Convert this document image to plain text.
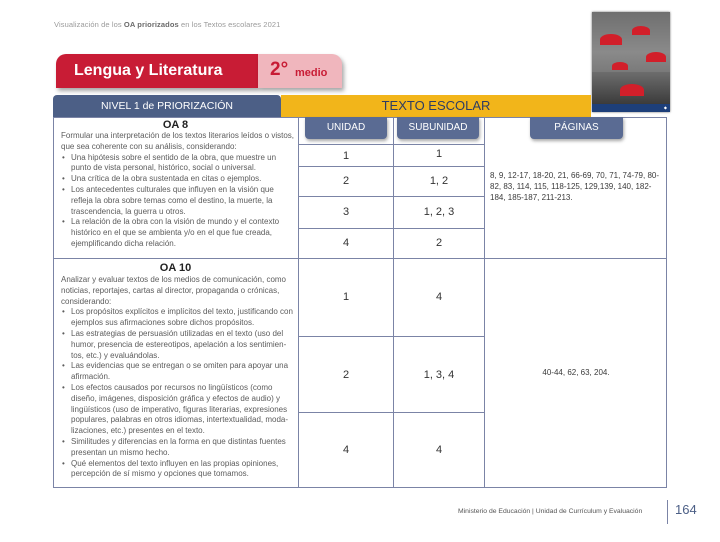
Visualización de los OA priorizados en los Textos escolares 2021
◆
Lengua y Literatura	2° medio
NIVEL 1 de PRIORIZACIÓN	TEXTO ESCOLAR
UNIDAD	SUBUNIDAD	PÁGINAS
OA 8
Formular una interpretación de los textos literarios leídos o vistos, que sea coherente con su análisis, considerando:
• Una hipótesis sobre el sentido de la obra, que muestre un punto de vista personal, histórico, social o universal.
• Una crítica de la obra sustentada en citas o ejemplos.
• Los antecedentes culturales que influyen en la visión que refleja la obra sobre temas como el destino, la muerte, la trascendencia, la guerra u otros.
• La relación de la obra con la visión de mundo y el contexto histórico en el que se ambienta y/o en el que fue creada, ejemplificando dicha relación.
1	1
2	1, 2
3	1, 2, 3
4	2
8, 9, 12-17, 18-20, 21, 66-69, 70, 71, 74-79, 80-82, 83, 114, 115, 118-125, 129,139, 140, 182-184, 185-187, 211-213.
OA 10
Analizar y evaluar textos de los medios de comunicación, como noticias, reportajes, cartas al director, propaganda o crónicas, considerando:
• Los propósitos explícitos e implícitos del texto, justificando con ejemplos sus afirmaciones sobre dichos propósitos.
• Las estrategias de persuasión utilizadas en el texto (uso del humor, presencia de estereotipos, apelación a los sentimien-tos, etc.) y evaluándolas.
• Las evidencias que se entregan o se omiten para apoyar una afirmación.
• Los efectos causados por recursos no lingüísticos (como diseño, imágenes, disposición gráfica y efectos de audio) y lingüísticos (uso de imperativo, figuras literarias, expresiones populares, palabras en otros idiomas, intertextualidad, moda-lizaciones, etc.) presentes en el texto.
• Similitudes y diferencias en la forma en que distintas fuentes presentan un mismo hecho.
• Qué elementos del texto influyen en las propias opiniones, percepción de sí mismo y opciones que tomamos.
1	4
2	1, 3, 4
4	4
40-44, 62, 63, 204.
Ministerio de Educación | Unidad de Currículum y Evaluación	164
